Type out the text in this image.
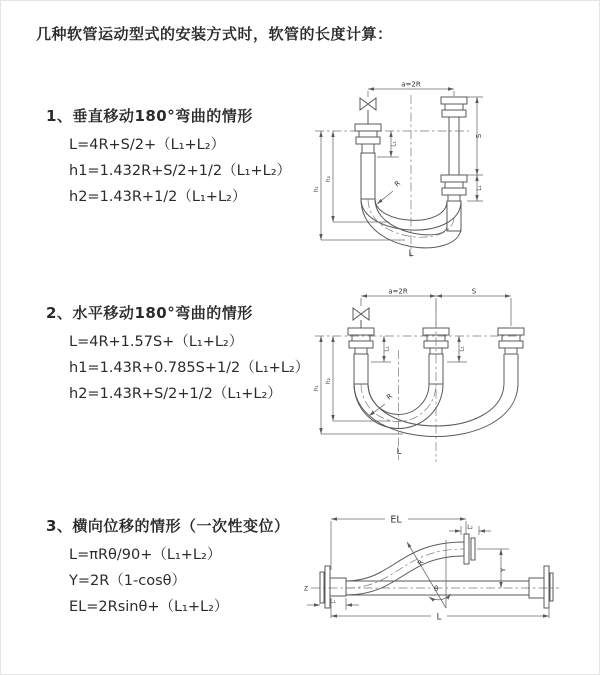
几种软管运动型式的安装方式时，软管的长度计算：
1、垂直移动180°弯曲的情形
L=4R+S/2+（L₁+L₂）
h1=1.432R+S/2+1/2（L₁+L₂）
h2=1.43R+1/2（L₁+L₂）
2、水平移动180°弯曲的情形
L=4R+1.57S+（L₁+L₂）
h1=1.43R+0.785S+1/2（L₁+L₂）
h2=1.43R+S/2+1/2（L₁+L₂）
3、横向位移的情形（一次性变位）
L=πRθ/90+（L₁+L₂）
Y=2R（1-cosθ）
EL=2Rsinθ+（L₁+L₂）
a=2R
S
L₁
L₁
h₁
h₂
R
L
a=2R	S
L₁	L₁
h₁
h₂
R
L
EL
L₂
Y
Z
R
θ
L₁
L
